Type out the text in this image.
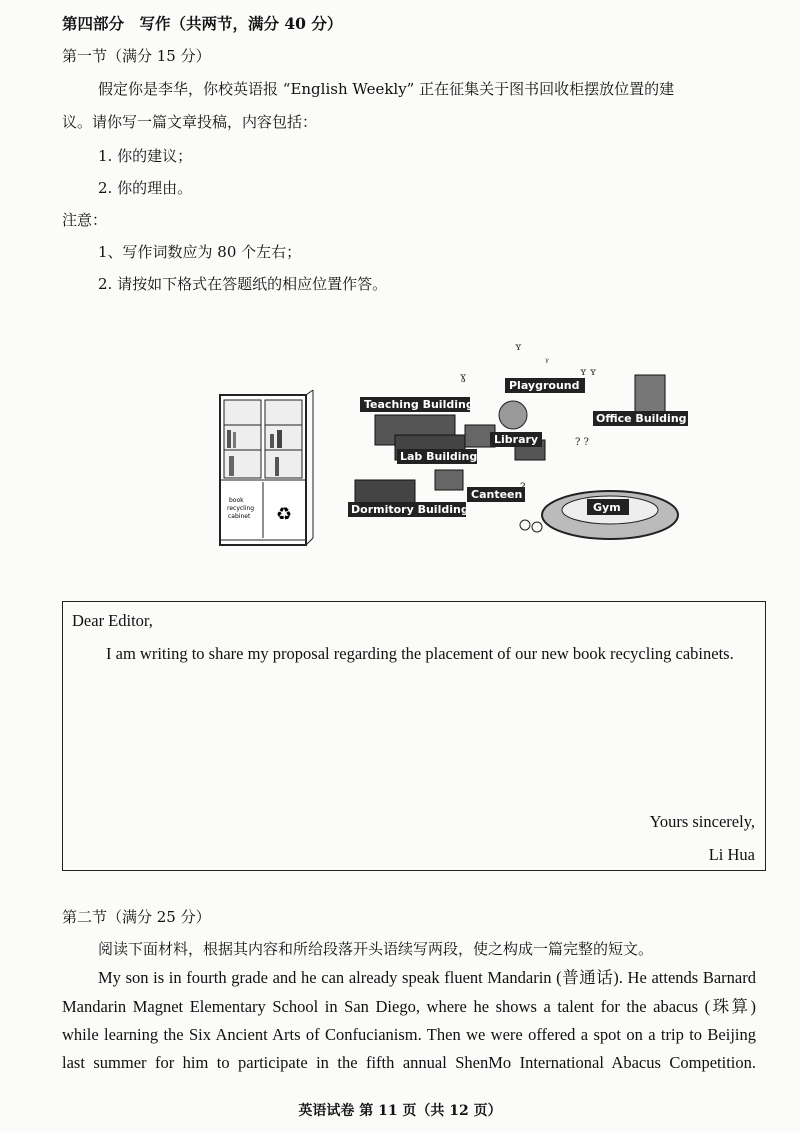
第四部分　写作（共两节，满分 40 分）
第一节（满分 15 分）
假定你是李华，你校英语报 “English Weekly” 正在征集关于图书回收柜摆放位置的建
议。请你写一篇文章投稿，内容包括：
1. 你的建议；
2. 你的理由。
注意：
1、写作词数应为 80 个左右；
2. 请按如下格式在答题纸的相应位置作答。
book
recycling
cabinet ♻
ʏ
ᵞ
ʏ ʏ
ɣ
? ?
Playground
Teaching Building
Office Building
Library
Lab Building
Canteen
Dormitory Building	Gym
Dear Editor,
I am writing to share my proposal regarding the placement of our new book recycling cabinets.
Yours sincerely,
Li Hua
第二节（满分 25 分）
阅读下面材料，根据其内容和所给段落开头语续写两段，使之构成一篇完整的短文。
My son is in fourth grade and he can already speak fluent Mandarin (普通话). He attends Barnard
Mandarin Magnet Elementary School in San Diego, where he shows a talent for the abacus (珠算)
while learning the Six Ancient Arts of Confucianism. Then we were offered a spot on a trip to Beijing
last summer for him to participate in the fifth annual ShenMo International Abacus Competition.
英语试卷 第 11 页（共 12 页）
